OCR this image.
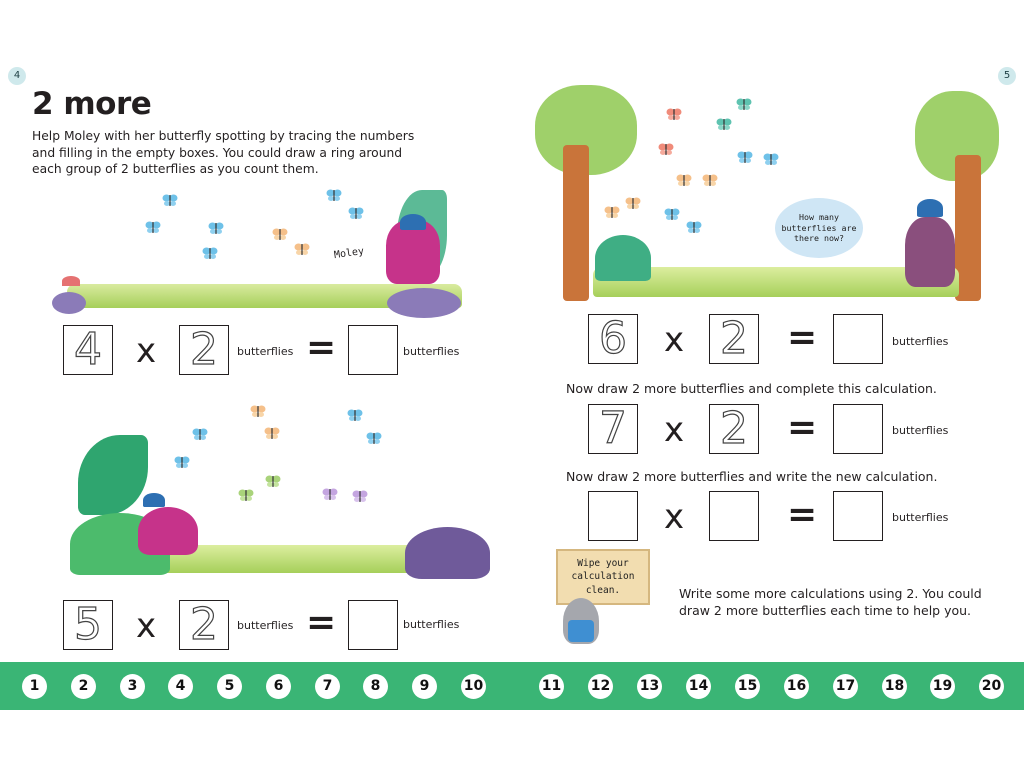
4	5
2 more
Help Moley with her butterfly spotting by tracing the numbers and filling in the empty boxes. You could draw a ring around each group of 2 butterflies as you count them.
Moley
4 x 2 butterflies =	butterflies
5 x 2 butterflies =	butterflies
How many butterflies are there now?
6 x 2 =	butterflies
Now draw 2 more butterflies and complete this calculation.
7 x 2 =	butterflies
Now draw 2 more butterflies and write the new calculation.
x	=	butterflies
Wipe your calculation clean.	Write some more calculations using 2. You could draw 2 more butterflies each time to help you.
1	2	3	4	5	6	7	8	9	10	11 12 13 14 15 16 17 18 19 20
